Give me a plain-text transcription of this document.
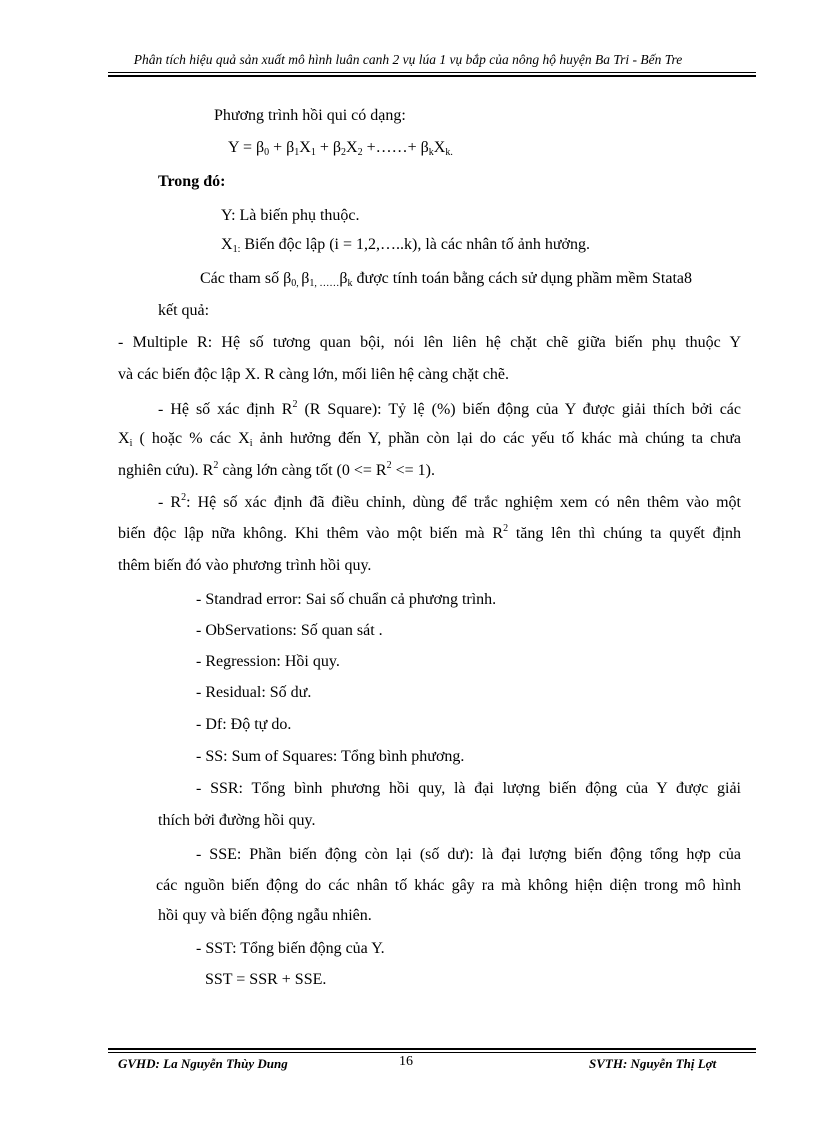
Phân tích hiệu quả sản xuất mô hình luân canh 2 vụ lúa 1 vụ bắp của nông hộ huyện Ba Tri - Bến Tre
Phương trình hồi qui có dạng:
$Y = \beta_0 + \beta_1X_1 + \beta_2X_2$ +……+ $\beta_kX_{k.}$
Trong đó:
Y: Là biến phụ thuộc.
$X_{1:}$ Biến độc lập (i = 1,2,…..k), là các nhân tố ảnh hưởng.
Các tham số $\beta_{0,}$ $\beta_{1, \dots\dots}\beta_k$ được tính toán bằng cách sử dụng phầm mềm Stata8
kết quả:
- Multiple R: Hệ số tương quan bội, nói lên liên hệ chặt chẽ giữa biến phụ thuộc Y
và các biến độc lập X. R càng lớn, mối liên hệ càng chặt chẽ.
- Hệ số xác định $R^2$ (R Square): Tỷ lệ (%) biến động của Y được giải thích bởi các
$X_i$ ( hoặc % các $X_i$ ảnh hưởng đến Y, phần còn lại do các yếu tố khác mà chúng ta chưa
nghiên cứu). $R^2$ càng lớn càng tốt $(0 <= R^2 <= 1)$.
- $R^2$: Hệ số xác định đã điều chỉnh, dùng để trắc nghiệm xem có nên thêm vào một
biến độc lập nữa không. Khi thêm vào một biến mà $R^2$ tăng lên thì chúng ta quyết định
thêm biến đó vào phương trình hồi quy.
- Standrad error: Sai số chuẩn cả phương trình.
- ObServations: Số quan sát .
- Regression: Hồi quy.
- Residual: Số dư.
- Df: Độ tự do.
- SS: Sum of Squares: Tổng bình phương.
- SSR: Tổng bình phương hồi quy, là đại lượng biến động của Y được giải
thích bởi đường hồi quy.
- SSE: Phần biến động còn lại (số dư): là đại lượng biến động tổng hợp của
các nguồn biến động do các nhân tố khác gây ra mà không hiện diện trong mô hình
hồi quy và biến động ngẫu nhiên.
- SST: Tổng biến động của Y.
SST = SSR + SSE.
GVHD: La Nguyễn Thùy Dung	16	SVTH: Nguyễn Thị Lợt
